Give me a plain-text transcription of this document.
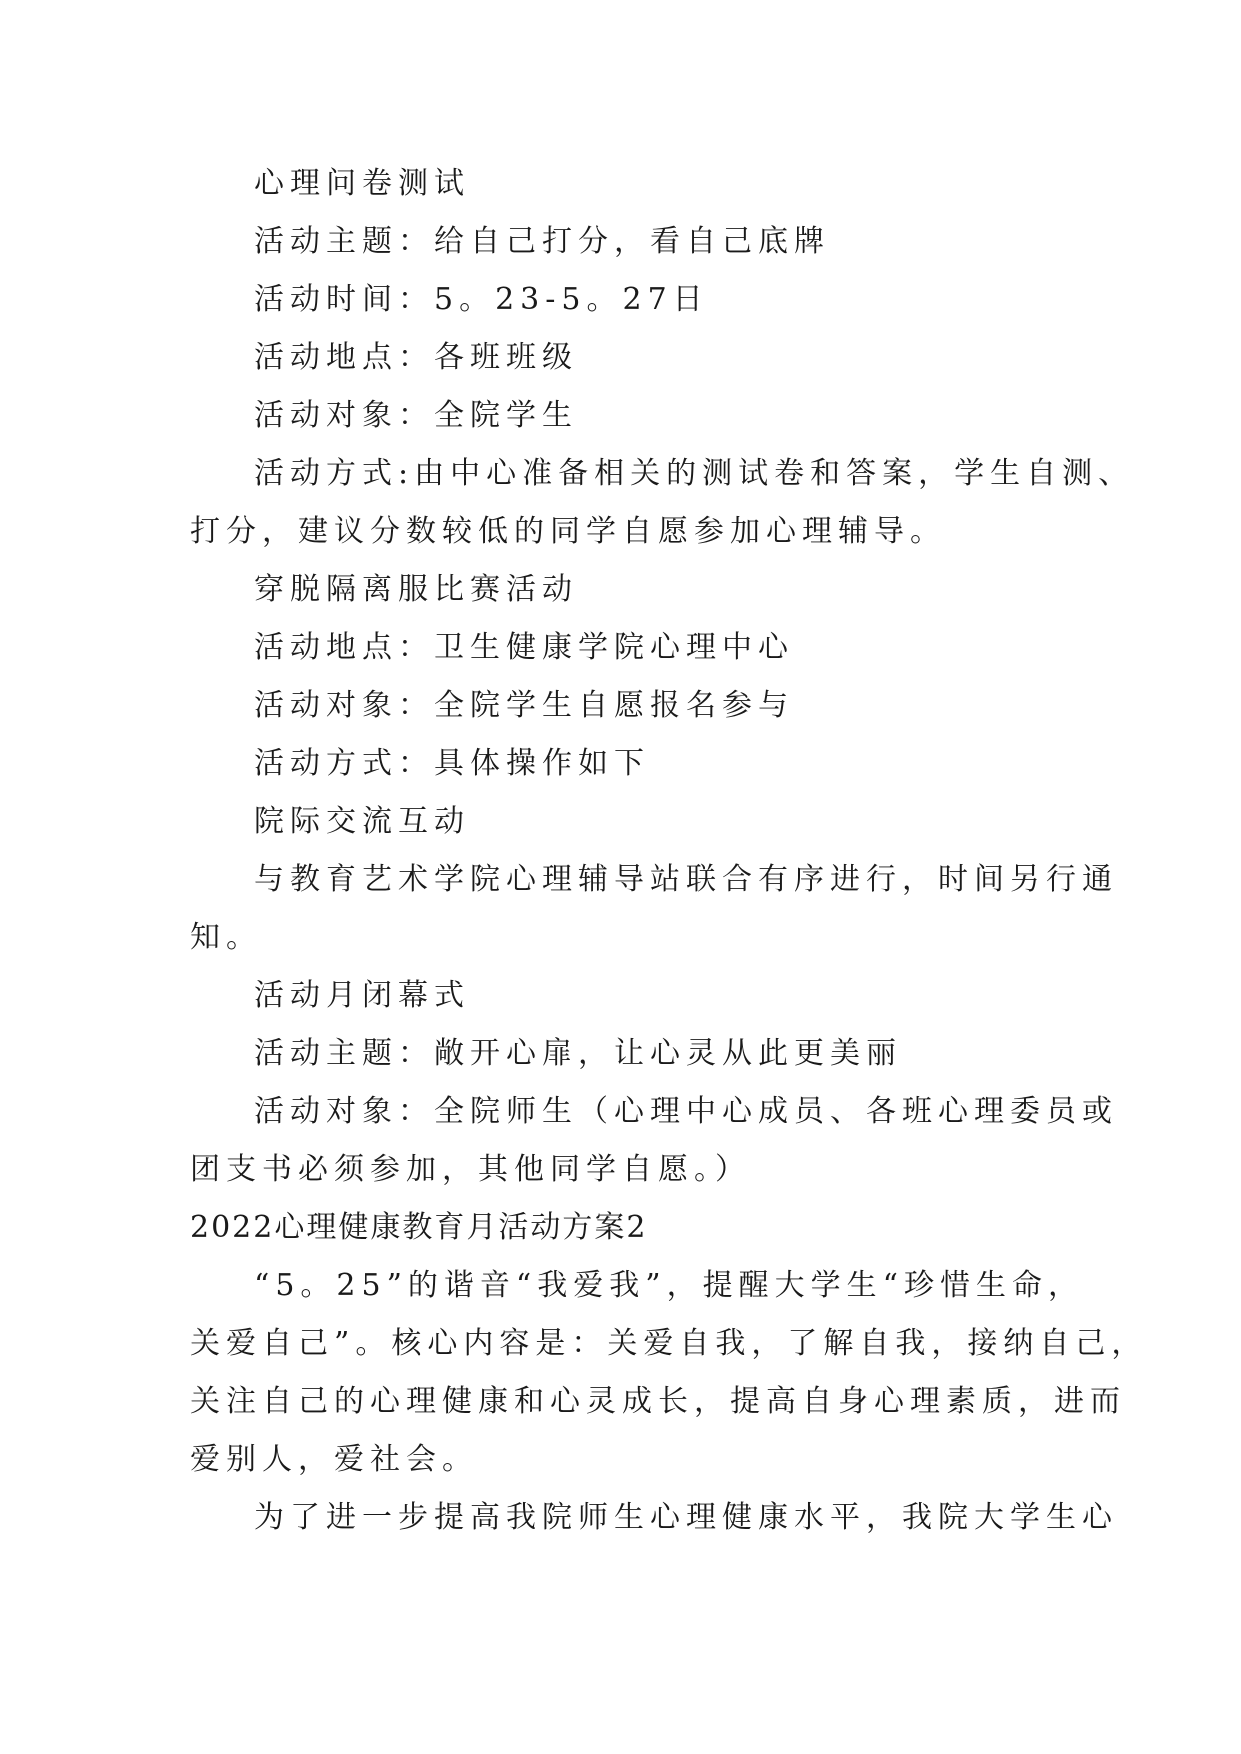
心理问卷测试

活动主题：给自己打分，看自己底牌

活动时间：5。23-5。27日

活动地点：各班班级

活动对象：全院学生

活动方式:由中心准备相关的测试卷和答案，学生自测、

打分，建议分数较低的同学自愿参加心理辅导。

穿脱隔离服比赛活动

活动地点：卫生健康学院心理中心

活动对象：全院学生自愿报名参与

活动方式：具体操作如下

院际交流互动

与教育艺术学院心理辅导站联合有序进行，时间另行通

知。

活动月闭幕式

活动主题：敞开心扉，让心灵从此更美丽

活动对象：全院师生（心理中心成员、各班心理委员或

团支书必须参加，其他同学自愿。）

2022心理健康教育月活动方案2

“5。25”的谐音“我爱我”，提醒大学生“珍惜生命，

关爱自己”。核心内容是：关爱自我，了解自我，接纳自己，

关注自己的心理健康和心灵成长，提高自身心理素质，进而

爱别人，爱社会。

为了进一步提高我院师生心理健康水平，我院大学生心
